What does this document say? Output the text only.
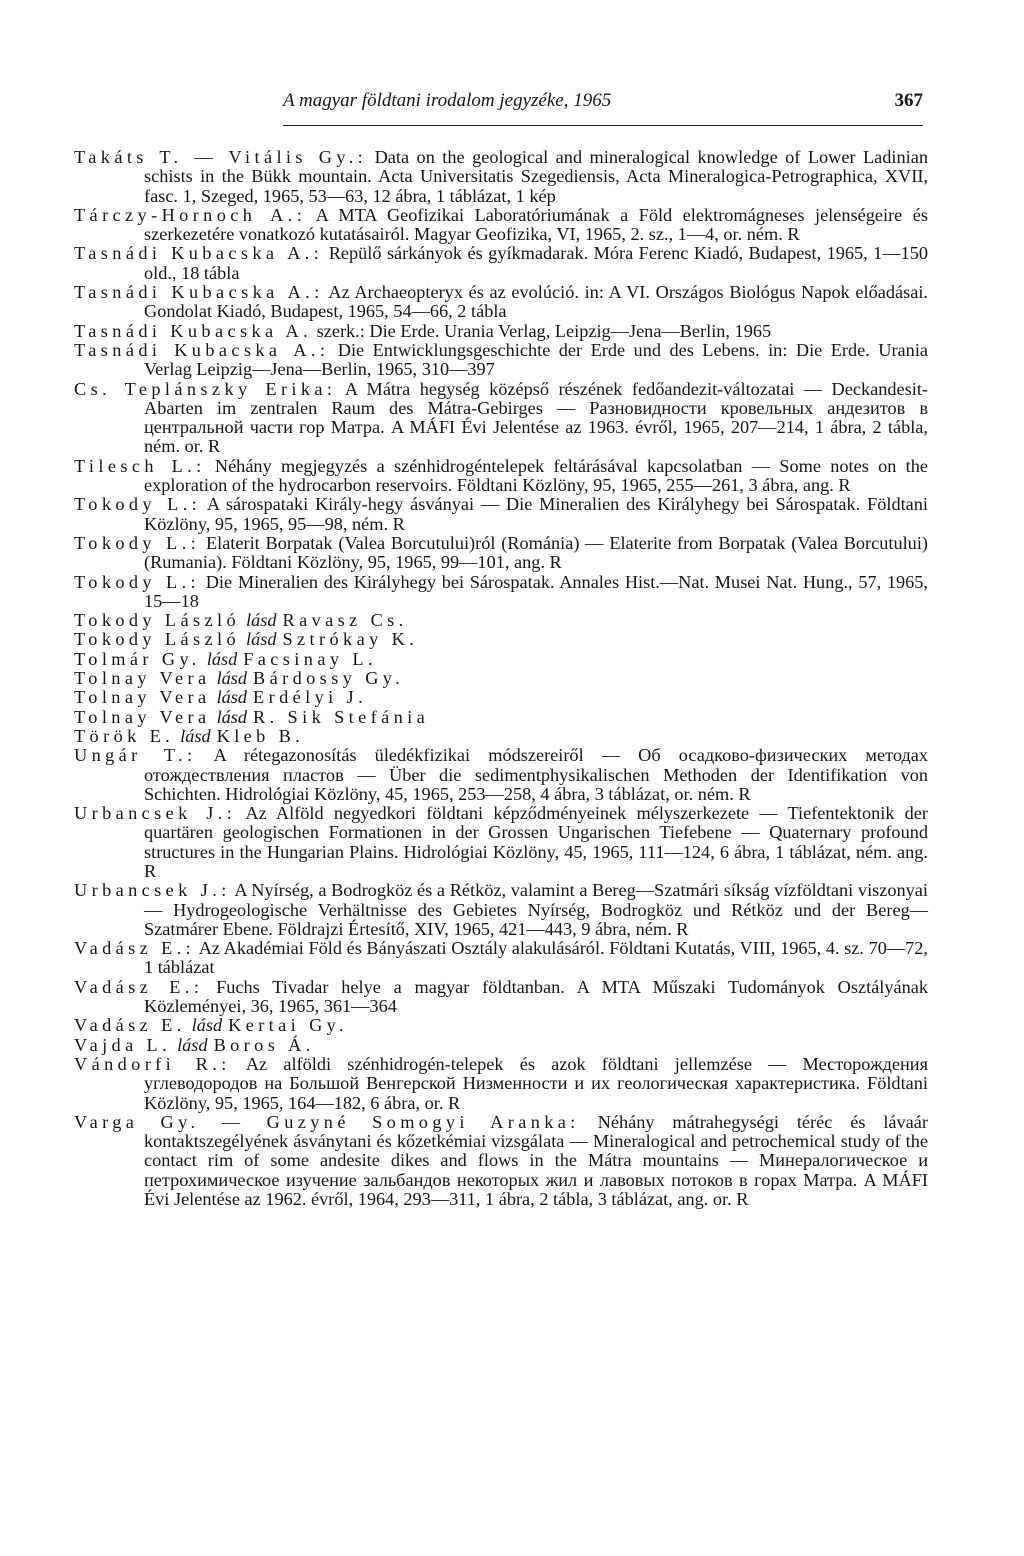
A magyar földtani irodalom jegyzéke, 1965	367
Takáts T. — Vitális Gy.: Data on the geological and mineralogical knowledge of Lower Ladinian schists in the Bükk mountain. Acta Universitatis Szegediensis, Acta Mineralogica-Petrographica, XVII, fasc. 1, Szeged, 1965, 53—63, 12 ábra, 1 táblázat, 1 kép
Tárczy-Hornoch A.: A MTA Geofizikai Laboratóriumának a Föld elektromágneses jelenségeire és szerkezetére vonatkozó kutatásairól. Magyar Geofizika, VI, 1965, 2. sz., 1—4, or. ném. R
Tasnádi Kubacska A.: Repülő sárkányok és gyíkmadarak. Móra Ferenc Kiadó, Budapest, 1965, 1—150 old., 18 tábla
Tasnádi Kubacska A.: Az Archaeopteryx és az evolúció. in: A VI. Országos Biológus Napok előadásai. Gondolat Kiadó, Budapest, 1965, 54—66, 2 tábla
Tasnádi Kubacska A. szerk.: Die Erde. Urania Verlag, Leipzig—Jena—Berlin, 1965
Tasnádi Kubacska A.: Die Entwicklungsgeschichte der Erde und des Lebens. in: Die Erde. Urania Verlag Leipzig—Jena—Berlin, 1965, 310—397
Cs. Teplánszky Erika: A Mátra hegység középső részének fedőandezit-változatai — Deckandesit-Abarten im zentralen Raum des Mátra-Gebirges — Разновидности кровельных андезитов в центральной части гор Матра. A MÁFI Évi Jelentése az 1963. évről, 1965, 207—214, 1 ábra, 2 tábla, ném. or. R
Tilesch L.: Néhány megjegyzés a szénhidrogéntelepek feltárásával kapcsolatban — Some notes on the exploration of the hydrocarbon reservoirs. Földtani Közlöny, 95, 1965, 255—261, 3 ábra, ang. R
Tokody L.: A sárospataki Király-hegy ásványai — Die Mineralien des Királyhegy bei Sárospatak. Földtani Közlöny, 95, 1965, 95—98, ném. R
Tokody L.: Elaterit Borpatak (Valea Borcutului)ról (Románia) — Elaterite from Borpatak (Valea Borcutului) (Rumania). Földtani Közlöny, 95, 1965, 99—101, ang. R
Tokody L.: Die Mineralien des Királyhegy bei Sárospatak. Annales Hist.—Nat. Musei Nat. Hung., 57, 1965, 15—18
Tokody László lásd Ravasz Cs.
Tokody László lásd Sztrókay K.
Tolmár Gy. lásd Facsinay L.
Tolnay Vera lásd Bárdossy Gy.
Tolnay Vera lásd Erdélyi J.
Tolnay Vera lásd R. Sik Stefánia
Török E. lásd Kleb B.
Ungár T.: A rétegazonosítás üledékfizikai módszereiről — Об осадково-физических методах отождествления пластов — Über die sedimentphysikalischen Methoden der Identifikation von Schichten. Hidrológiai Közlöny, 45, 1965, 253—258, 4 ábra, 3 táblázat, or. ném. R
Urbancsek J.: Az Alföld negyedkori földtani képződményeinek mélyszerkezete — Tiefentektonik der quartären geologischen Formationen in der Grossen Ungarischen Tiefebene — Quaternary profound structures in the Hungarian Plains. Hidrológiai Közlöny, 45, 1965, 111—124, 6 ábra, 1 táblázat, ném. ang. R
Urbancsek J.: A Nyírség, a Bodrogköz és a Rétköz, valamint a Bereg—Szatmári síkság vízföldtani viszonyai — Hydrogeologische Verhältnisse des Gebietes Nyírség, Bodrogköz und Rétköz und der Bereg—Szatmárer Ebene. Földrajzi Értesítő, XIV, 1965, 421—443, 9 ábra, ném. R
Vadász E.: Az Akadémiai Föld és Bányászati Osztály alakulásáról. Földtani Kutatás, VIII, 1965, 4. sz. 70—72, 1 táblázat
Vadász E.: Fuchs Tivadar helye a magyar földtanban. A MTA Műszaki Tudományok Osztályának Közleményei, 36, 1965, 361—364
Vadász E. lásd Kertai Gy.
Vajda L. lásd Boros Á.
Vándorfi R.: Az alföldi szénhidrogén-telepek és azok földtani jellemzése — Месторождения углеводородов на Большой Венгерской Низменности и их геологическая характеристика. Földtani Közlöny, 95, 1965, 164—182, 6 ábra, or. R
Varga Gy. — Guzyné Somogyi Aranka: Néhány mátrahegységi téréс és lávaár kontaktszegélyének ásványtani és kőzetkémiai vizsgálata — Mineralogical and petrochemical study of the contact rim of some andesite dikes and flows in the Mátra mountains — Минералогическое и петрохимическое изучение зальбандов некоторых жил и лавовых потоков в горах Матра. A MÁFI Évi Jelentése az 1962. évről, 1964, 293—311, 1 ábra, 2 tábla, 3 táblázat, ang. or. R
